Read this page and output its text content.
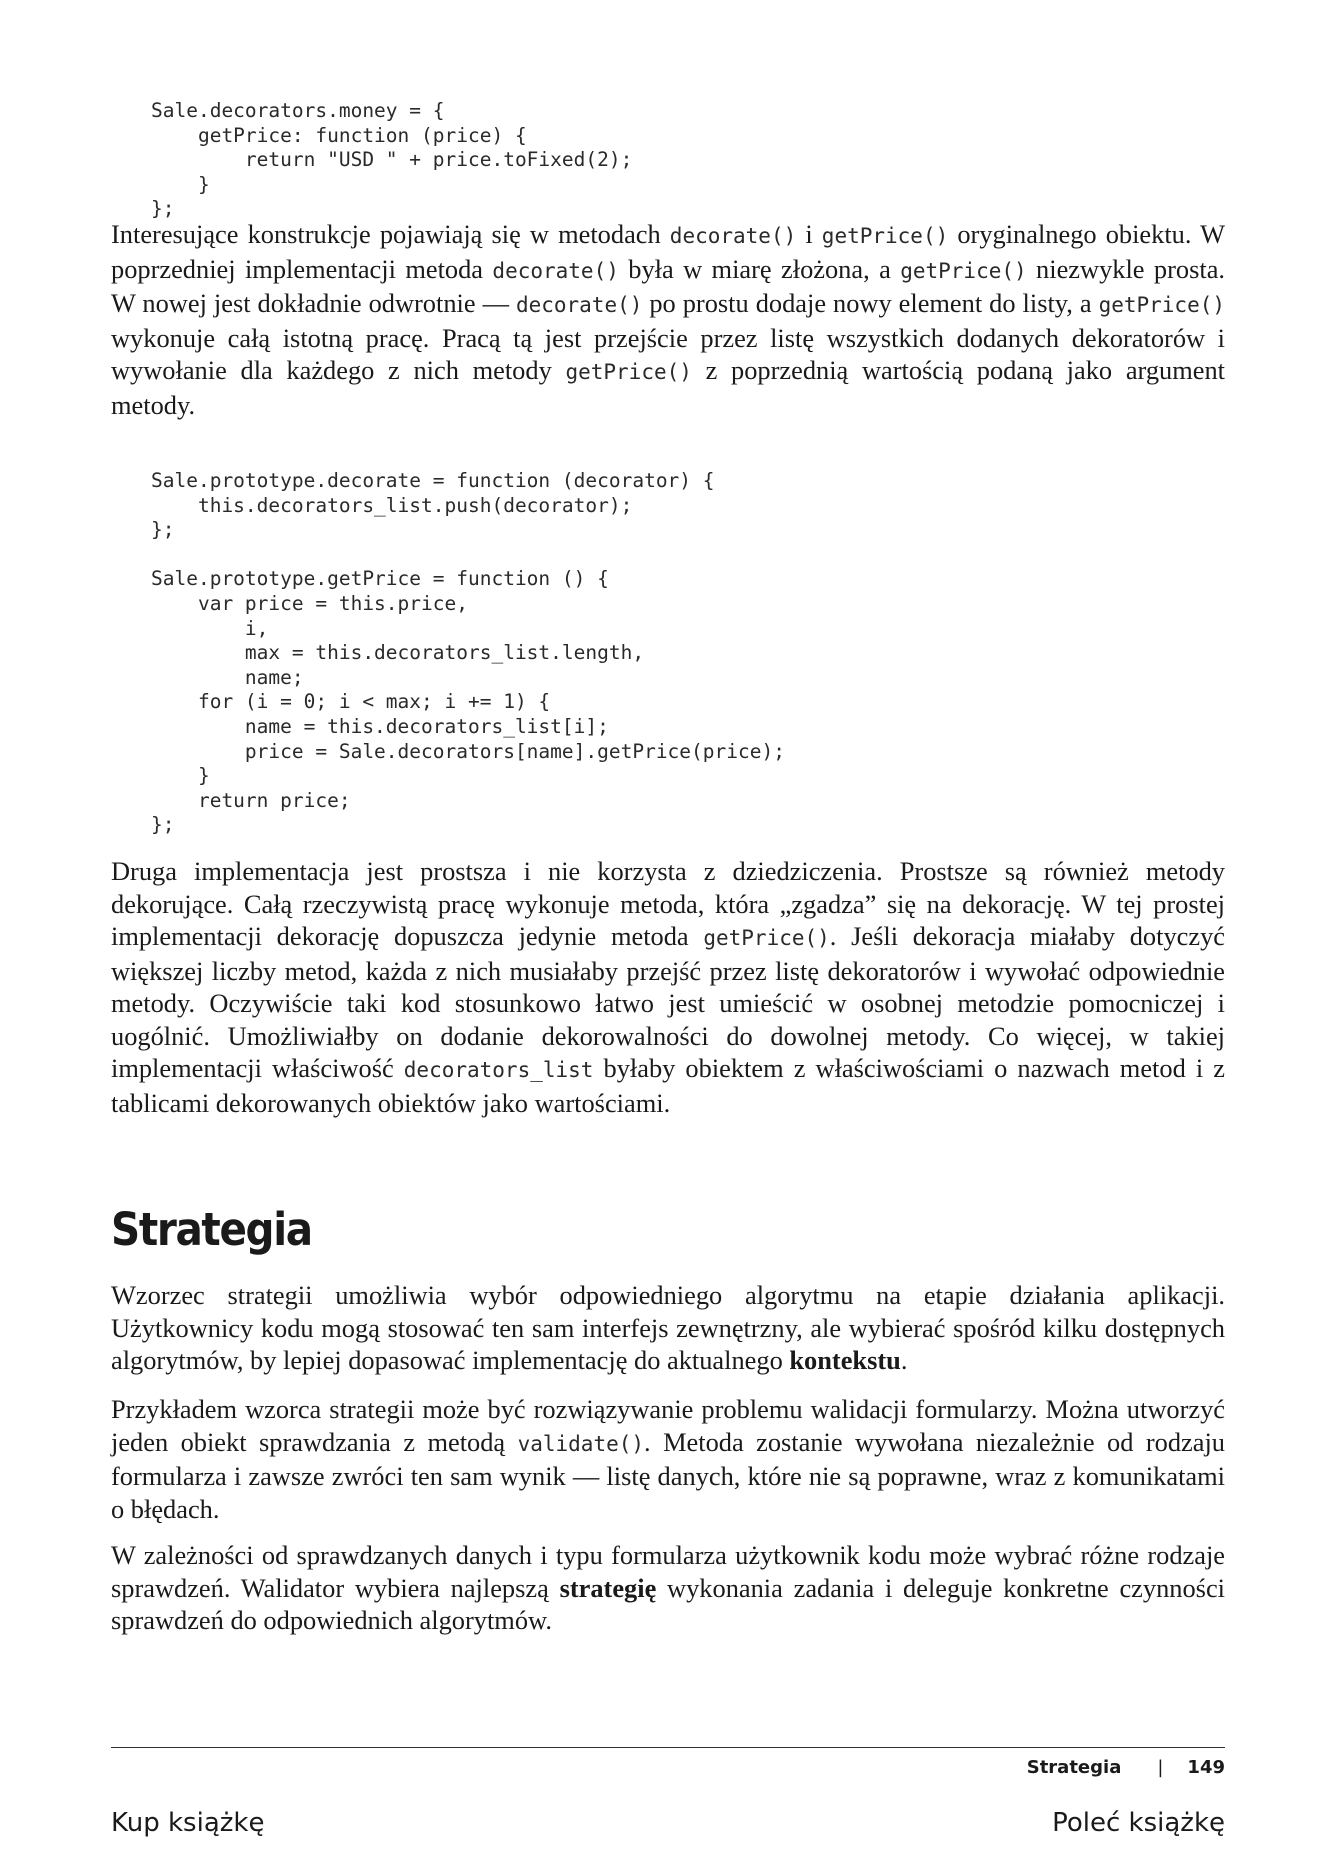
Sale.decorators.money = {
getPrice: function (price) {
return "USD " + price.toFixed(2);
}
};

Interesujące konstrukcje pojawiają się w metodach decorate() i getPrice() oryginalnego obiektu. W poprzedniej implementacji metoda decorate() była w miarę złożona, a getPrice() niezwykle prosta. W nowej jest dokładnie odwrotnie — decorate() po prostu dodaje nowy element do listy, a getPrice() wykonuje całą istotną pracę. Pracą tą jest przejście przez listę wszystkich dodanych dekoratorów i wywołanie dla każdego z nich metody getPrice() z poprzednią wartością podaną jako argument metody.

Sale.prototype.decorate = function (decorator) {
this.decorators_list.push(decorator);
};

Sale.prototype.getPrice = function () {
var price = this.price,
i,
max = this.decorators_list.length,
name;
for (i = 0; i < max; i += 1) {
name = this.decorators_list[i];
price = Sale.decorators[name].getPrice(price);
}
return price;
};

Druga implementacja jest prostsza i nie korzysta z dziedziczenia. Prostsze są również metody dekorujące. Całą rzeczywistą pracę wykonuje metoda, która „zgadza” się na dekorację. W tej prostej implementacji dekorację dopuszcza jedynie metoda getPrice(). Jeśli dekoracja miałaby dotyczyć większej liczby metod, każda z nich musiałaby przejść przez listę dekoratorów i wywołać odpowiednie metody. Oczywiście taki kod stosunkowo łatwo jest umieścić w osobnej metodzie pomocniczej i uogólnić. Umożliwiałby on dodanie dekorowalności do dowolnej metody. Co więcej, w takiej implementacji właściwość decorators_list byłaby obiektem z właściwościami o nazwach metod i z tablicami dekorowanych obiektów jako wartościami.

Strategia

Wzorzec strategii umożliwia wybór odpowiedniego algorytmu na etapie działania aplikacji. Użytkownicy kodu mogą stosować ten sam interfejs zewnętrzny, ale wybierać spośród kilku dostępnych algorytmów, by lepiej dopasować implementację do aktualnego kontekstu.

Przykładem wzorca strategii może być rozwiązywanie problemu walidacji formularzy. Można utworzyć jeden obiekt sprawdzania z metodą validate(). Metoda zostanie wywołana niezależnie od rodzaju formularza i zawsze zwróci ten sam wynik — listę danych, które nie są poprawne, wraz z komunikatami o błędach.

W zależności od sprawdzanych danych i typu formularza użytkownik kodu może wybrać różne rodzaje sprawdzeń. Walidator wybiera najlepszą strategię wykonania zadania i deleguje konkretne czynności sprawdzeń do odpowiednich algorytmów.

Strategia | 149
Kup książkę	Poleć książkę
